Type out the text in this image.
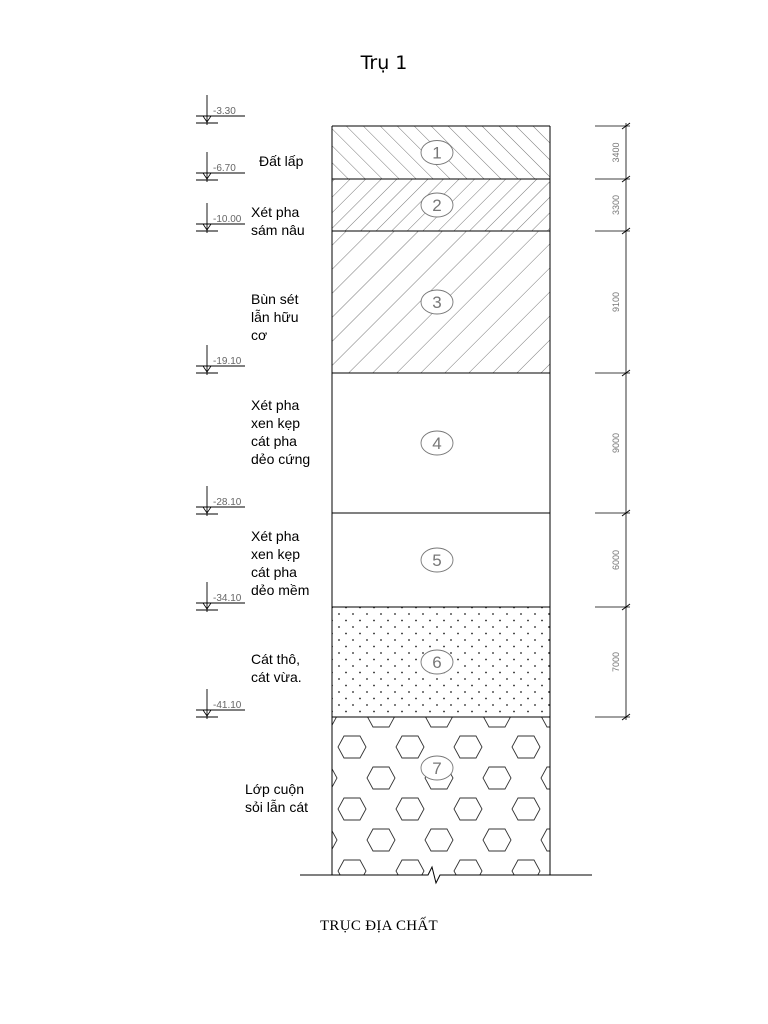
Trụ 1
1
2
3
4
5
6
7
-3.30
-6.70
-10.00
-19.10
-28.10
-34.10
-41.10
3400
3300
9100
9000
6000
7000
Đất lấp
Xét pha
sám nâu
Bùn sét
lẫn hữu
cơ
Xét pha
xen kẹp
cát pha
dẻo cứng
Xét pha
xen kẹp
cát pha
dẻo mềm
Cát thô,
cát vừa.
Lớp cuộn
sỏi lẫn cát
TRỤC ĐỊA CHẤT
